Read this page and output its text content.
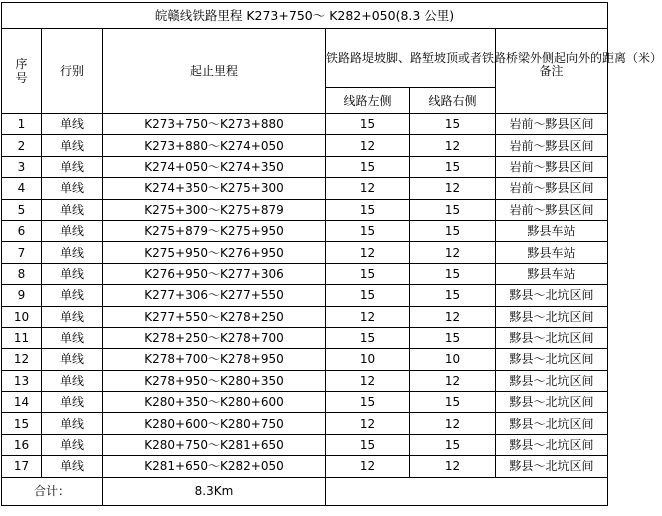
皖赣线铁路里程 K273+750～ K282+050(8.3 公里)					
序号	行别	起止里程	铁路路堤坡脚、路堑坡顶或者铁路桥梁外侧起向外的距离（米）		备注
			线路左侧	线路右侧	
1	单线	K273+750～K273+880	15	15	岩前～黟县区间
2	单线	K273+880～K274+050	12	12	岩前～黟县区间
3	单线	K274+050～K274+350	15	15	岩前～黟县区间
4	单线	K274+350～K275+300	12	12	岩前～黟县区间
5	单线	K275+300～K275+879	15	15	岩前～黟县区间
6	单线	K275+879～K275+950	15	15	黟县车站
7	单线	K275+950～K276+950	12	12	黟县车站
8	单线	K276+950～K277+306	15	15	黟县车站
9	单线	K277+306～K277+550	15	15	黟县～北坑区间
10	单线	K277+550～K278+250	12	12	黟县～北坑区间
11	单线	K278+250～K278+700	15	15	黟县～北坑区间
12	单线	K278+700～K278+950	10	10	黟县～北坑区间
13	单线	K278+950～K280+350	12	12	黟县～北坑区间
14	单线	K280+350～K280+600	15	15	黟县～北坑区间
15	单线	K280+600～K280+750	12	12	黟县～北坑区间
16	单线	K280+750～K281+650	15	15	黟县～北坑区间
17	单线	K281+650～K282+050	12	12	黟县～北坑区间
合计：		8.3Km			
